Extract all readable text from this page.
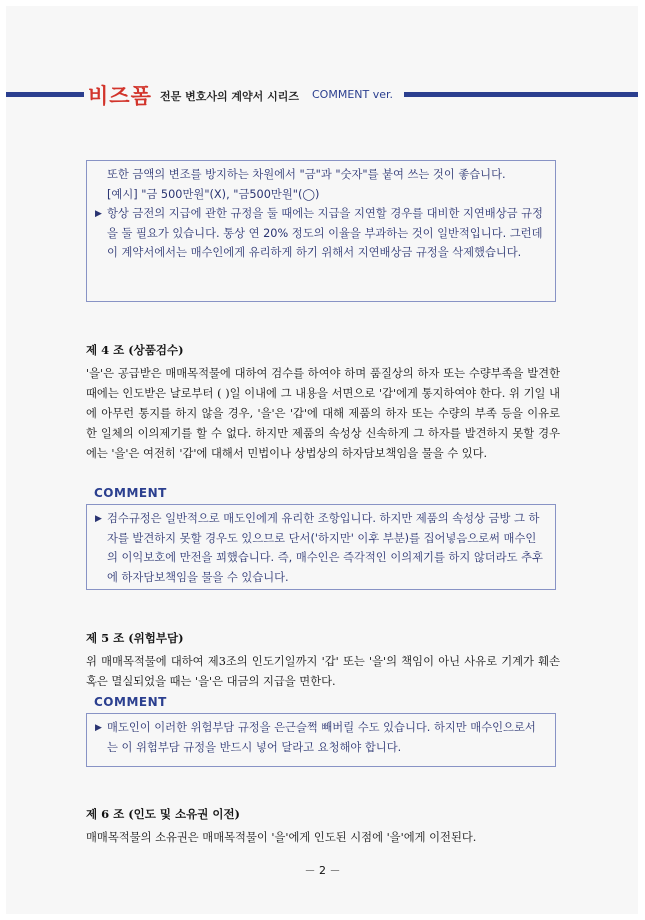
비즈폼 전문 변호사의 계약서 시리즈 COMMENT ver.
또한 금액의 변조를 방지하는 차원에서 "금"과 "숫자"를 붙여 쓰는 것이 좋습니다.
[예시] "금 500만원"(X), "금500만원"(◯)
▶ 항상 금전의 지급에 관한 규정을 둘 때에는 지급을 지연할 경우를 대비한 지연배상금 규정을 둘 필요가 있습니다. 통상 연 20% 정도의 이율을 부과하는 것이 일반적입니다. 그런데 이 계약서에서는 매수인에게 유리하게 하기 위해서 지연배상금 규정을 삭제했습니다.
제 4 조 (상품검수)
'을'은 공급받은 매매목적물에 대하여 검수를 하여야 하며 품질상의 하자 또는 수량부족을 발견한 때에는 인도받은 날로부터 ( )일 이내에 그 내용을 서면으로 '갑'에게 통지하여야 한다. 위 기일 내에 아무런 통지를 하지 않을 경우, '을'은 '갑'에 대해 제품의 하자 또는 수량의 부족 등을 이유로 한 일체의 이의제기를 할 수 없다. 하지만 제품의 속성상 신속하게 그 하자를 발견하지 못할 경우에는 '을'은 여전히 '갑'에 대해서 민법이나 상법상의 하자담보책임을 물을 수 있다.
COMMENT
▶ 검수규정은 일반적으로 매도인에게 유리한 조항입니다. 하지만 제품의 속성상 금방 그 하자를 발견하지 못할 경우도 있으므로 단서('하지만' 이후 부분)를 집어넣음으로써 매수인의 이익보호에 만전을 꾀했습니다. 즉, 매수인은 즉각적인 이의제기를 하지 않더라도 추후에 하자담보책임을 물을 수 있습니다.
제 5 조 (위험부담)
위 매매목적물에 대하여 제3조의 인도기일까지 '갑' 또는 '을'의 책임이 아닌 사유로 기계가 훼손 혹은 멸실되었을 때는 '을'은 대금의 지급을 면한다.
COMMENT
▶ 매도인이 이러한 위험부담 규정을 은근슬쩍 빼버릴 수도 있습니다. 하지만 매수인으로서는 이 위험부담 규정을 반드시 넣어 달라고 요청해야 합니다.
제 6 조 (인도 및 소유권 이전)
매매목적물의 소유권은 매매목적물이 '을'에게 인도된 시점에 '을'에게 이전된다.
－ 2 －
